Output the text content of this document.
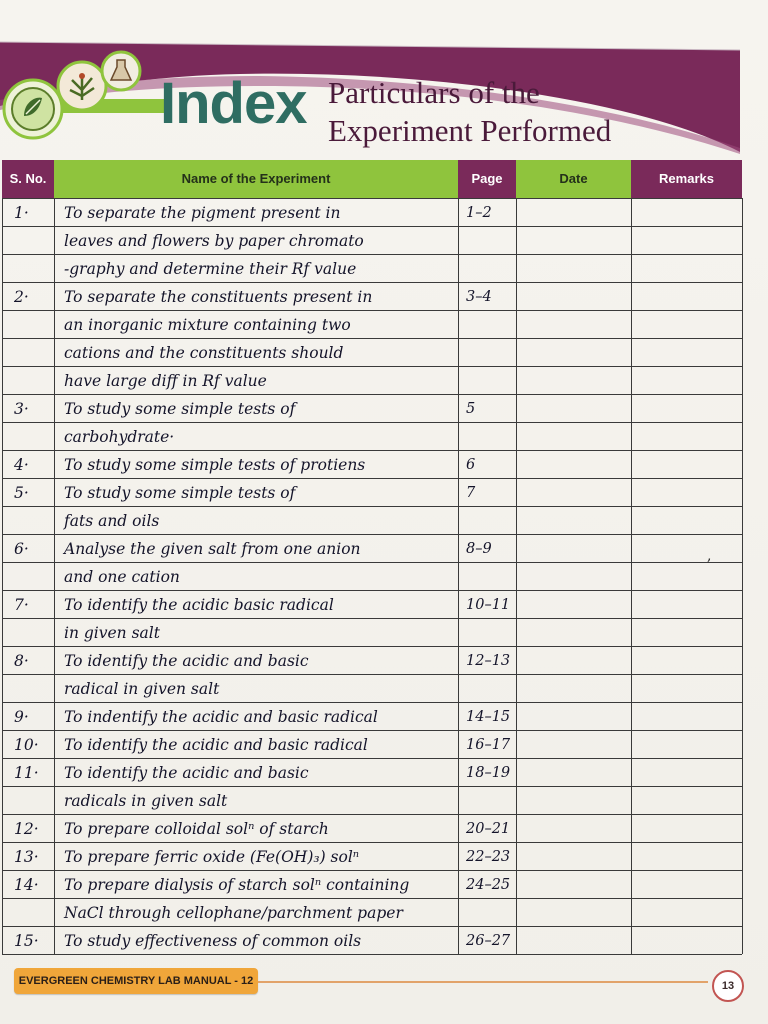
Index Particulars of the
Experiment Performed
S. No.	Name of the Experiment	Page	Date	Remarks
1·	To separate the pigment present in	1–2
leaves and flowers by paper chromato
-graphy and determine their Rf value
2·	To separate the constituents present in	3–4
an inorganic mixture containing two
cations and the constituents should
have large diff in Rf value
3·	To study some simple tests of	5
carbohydrate·
4·	To study some simple tests of protiens	6
5·	To study some simple tests of	7
fats and oils
6·	Analyse the given salt from one anion	8–9
and one cation
7·	To identify the acidic basic radical	10–11
in given salt
8·	To identify the acidic and basic	12–13
radical in given salt
9·	To indentify the acidic and basic radical	14–15
10·	To identify the acidic and basic radical	16–17
11·	To identify the acidic and basic	18–19
radicals in given salt
12·	To prepare colloidal solⁿ of starch	20–21
13·	To prepare ferric oxide (Fe(OH)₃) solⁿ	22–23
14·	To prepare dialysis of starch solⁿ containing	24–25
NaCl through cellophane/parchment paper
15·	To study effectiveness of common oils	26–27
,
EVERGREEN CHEMISTRY LAB MANUAL - 12	13
